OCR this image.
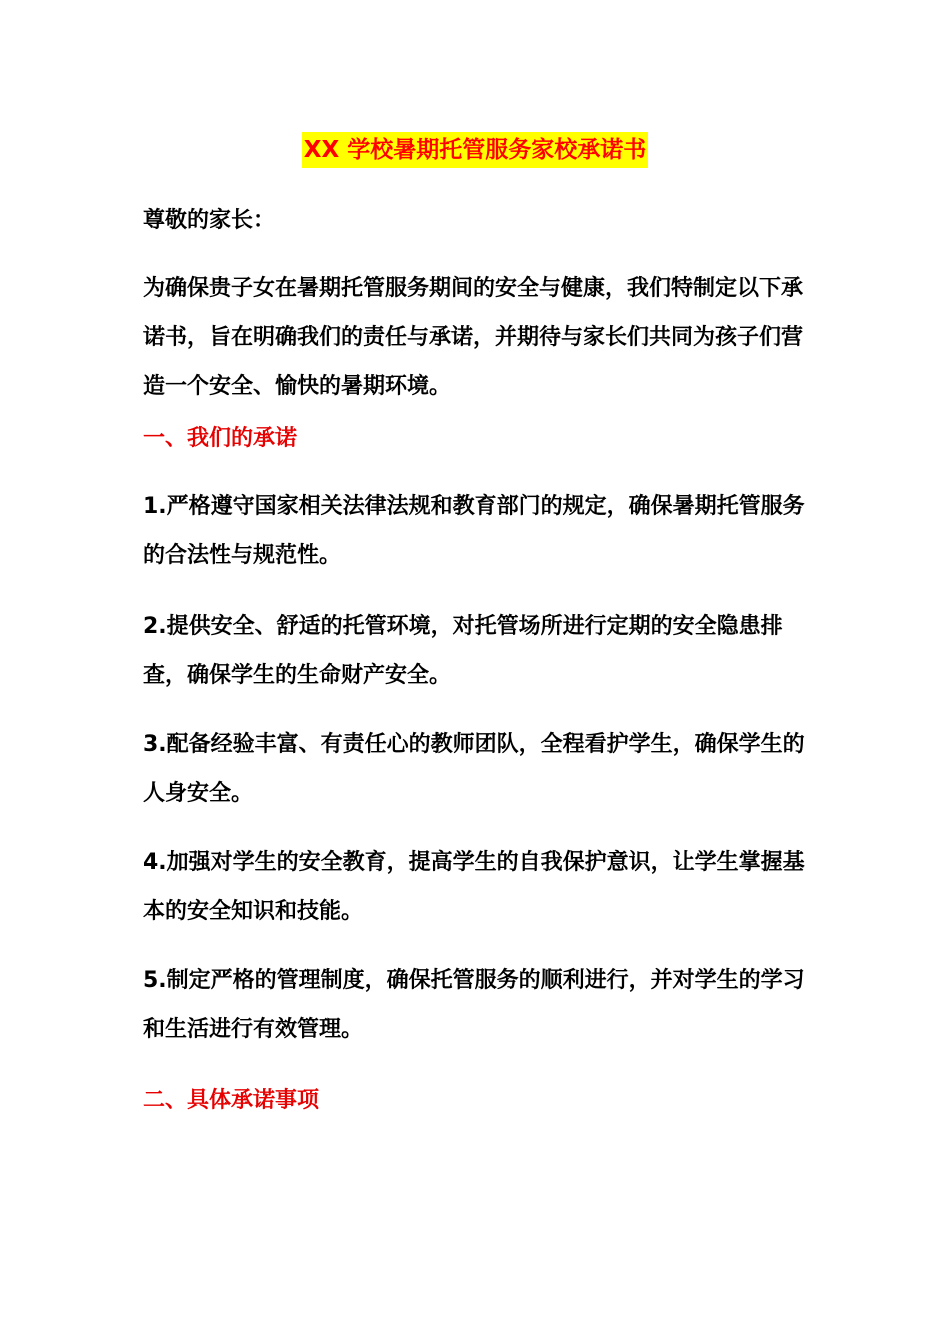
XX 学校暑期托管服务家校承诺书
尊敬的家长：
为确保贵子女在暑期托管服务期间的安全与健康，我们特制定以下承诺书，旨在明确我们的责任与承诺，并期待与家长们共同为孩子们营造一个安全、愉快的暑期环境。
一、我们的承诺
1.严格遵守国家相关法律法规和教育部门的规定，确保暑期托管服务的合法性与规范性。
2.提供安全、舒适的托管环境，对托管场所进行定期的安全隐患排查，确保学生的生命财产安全。
3.配备经验丰富、有责任心的教师团队，全程看护学生，确保学生的人身安全。
4.加强对学生的安全教育，提高学生的自我保护意识，让学生掌握基本的安全知识和技能。
5.制定严格的管理制度，确保托管服务的顺利进行，并对学生的学习和生活进行有效管理。
二、具体承诺事项
